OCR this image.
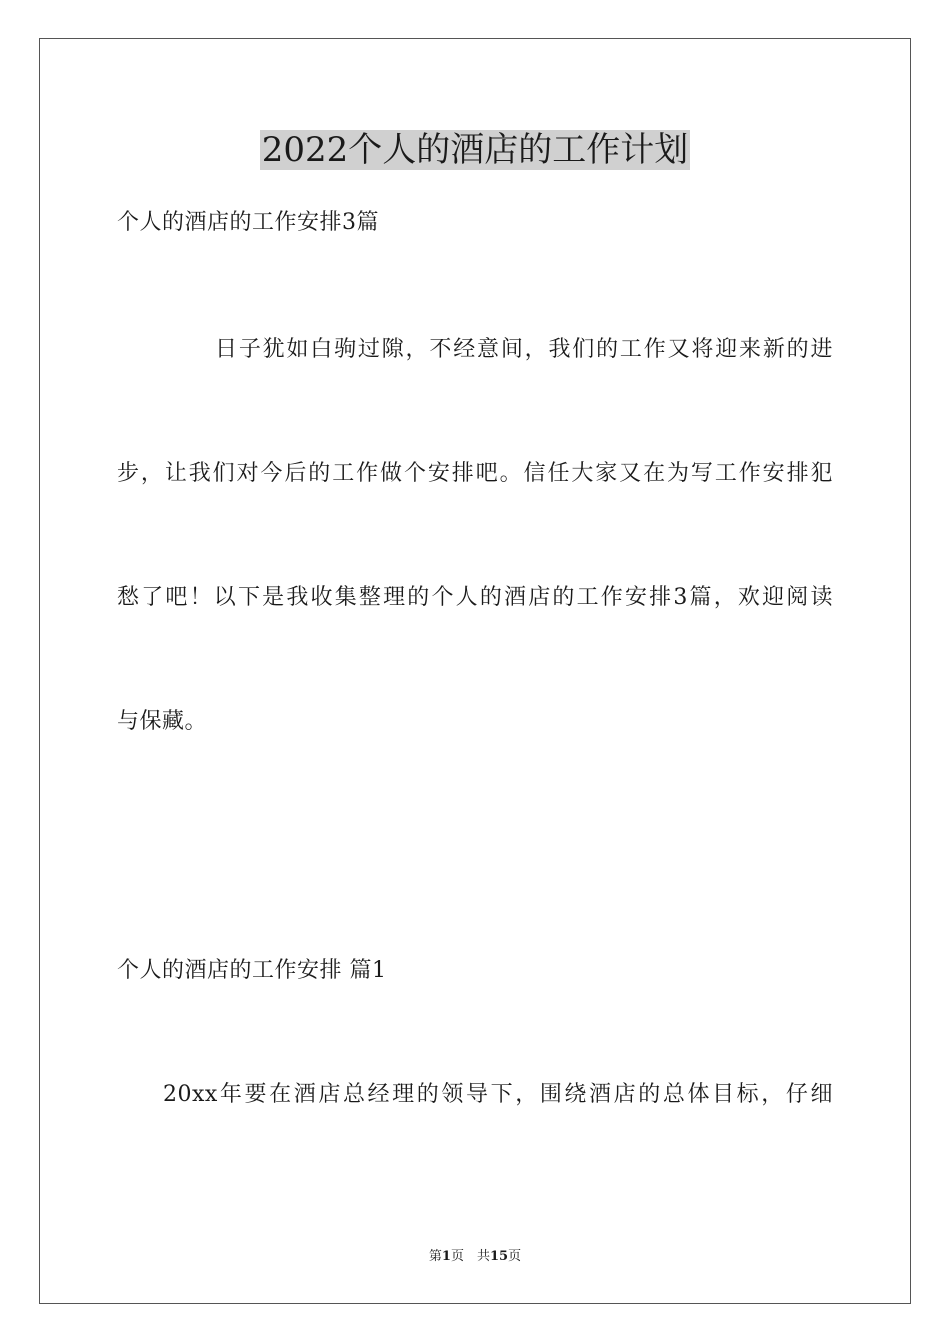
2022个人的酒店的工作计划
个人的酒店的工作安排3篇
日子犹如白驹过隙，不经意间，我们的工作又将迎来新的进
步，让我们对今后的工作做个安排吧。信任大家又在为写工作安排犯
愁了吧！以下是我收集整理的个人的酒店的工作安排3篇，欢迎阅读
与保藏。
个人的酒店的工作安排 篇1
20xx年要在酒店总经理的领导下，围绕酒店的总体目标，仔细
第1页　共15页
